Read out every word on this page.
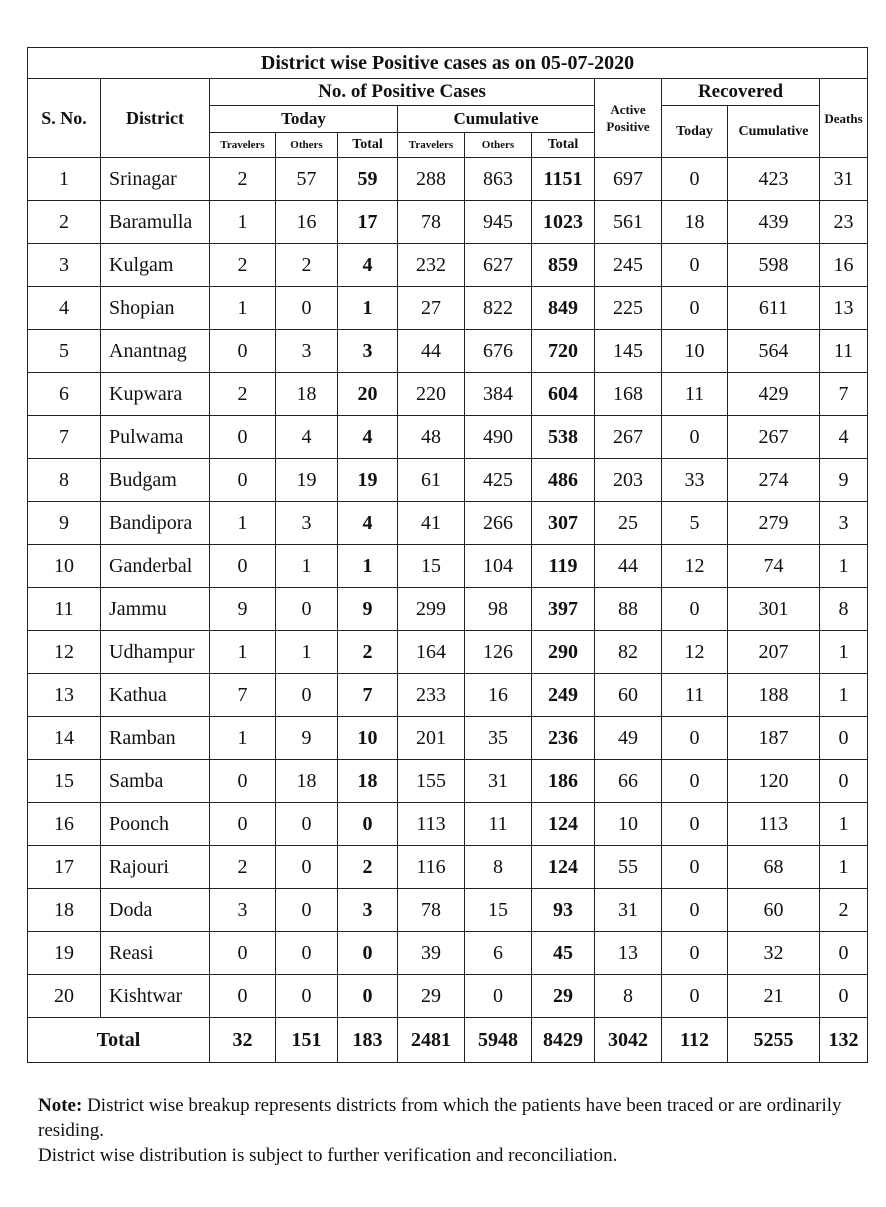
District wise Positive cases as on 05-07-2020											
S. No.	District	No. of Positive Cases						Active Positive	Recovered		Deaths
		Today			Cumulative				Today	Cumulative	
		Travelers	Others	Total	Travelers	Others	Total				
1	Srinagar	2	57	59	288	863	1151	697	0	423	31
2	Baramulla	1	16	17	78	945	1023	561	18	439	23
3	Kulgam	2	2	4	232	627	859	245	0	598	16
4	Shopian	1	0	1	27	822	849	225	0	611	13
5	Anantnag	0	3	3	44	676	720	145	10	564	11
6	Kupwara	2	18	20	220	384	604	168	11	429	7
7	Pulwama	0	4	4	48	490	538	267	0	267	4
8	Budgam	0	19	19	61	425	486	203	33	274	9
9	Bandipora	1	3	4	41	266	307	25	5	279	3
10	Ganderbal	0	1	1	15	104	119	44	12	74	1
11	Jammu	9	0	9	299	98	397	88	0	301	8
12	Udhampur	1	1	2	164	126	290	82	12	207	1
13	Kathua	7	0	7	233	16	249	60	11	188	1
14	Ramban	1	9	10	201	35	236	49	0	187	0
15	Samba	0	18	18	155	31	186	66	0	120	0
16	Poonch	0	0	0	113	11	124	10	0	113	1
17	Rajouri	2	0	2	116	8	124	55	0	68	1
18	Doda	3	0	3	78	15	93	31	0	60	2
19	Reasi	0	0	0	39	6	45	13	0	32	0
20	Kishtwar	0	0	0	29	0	29	8	0	21	0
Total		32	151	183	2481	5948	8429	3042	112	5255	132
Note: District wise breakup represents districts from which the patients have been traced or are ordinarily residing.
District wise distribution is subject to further verification and reconciliation.
